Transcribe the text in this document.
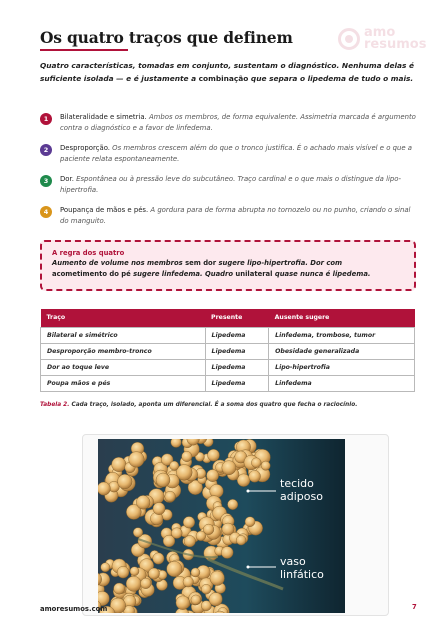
Os quatro traços que definem	amo
resumos

Quatro características, tomadas em conjunto, sustentam o diagnóstico. Nenhuma delas é suficiente isolada — e é justamente a combinação que separa o lipedema de tudo o mais.

1	Bilateralidade e simetria. Ambos os membros, de forma equivalente. Assimetria marcada é argumento contra o diagnóstico e a favor de linfedema.
2	Desproporção. Os membros crescem além do que o tronco justifica. É o achado mais visível e o que a paciente relata espontaneamente.
3	Dor. Espontânea ou à pressão leve do subcutâneo. Traço cardinal e o que mais o distingue da lipo-hipertrofia.
4	Poupança de mãos e pés. A gordura para de forma abrupta no tornozelo ou no punho, criando o sinal do manguito.
A regra dos quatro
Aumento de volume nos membros sem dor sugere lipo-hipertrofia. Dor com
acometimento do pé sugere linfedema. Quadro unilateral quase nunca é lipedema.
Traço	Presente	Ausente sugere
Bilateral e simétrico	Lipedema	Linfedema, trombose, tumor
Desproporção membro-tronco	Lipedema	Obesidade generalizada
Dor ao toque leve	Lipedema	Lipo-hipertrofia
Poupa mãos e pés	Lipedema	Linfedema
Tabela 2. Cada traço, isolado, aponta um diferencial. É a soma dos quatro que fecha o raciocínio.
tecido
adiposo
vaso
linfático
amoresumos.com	7
